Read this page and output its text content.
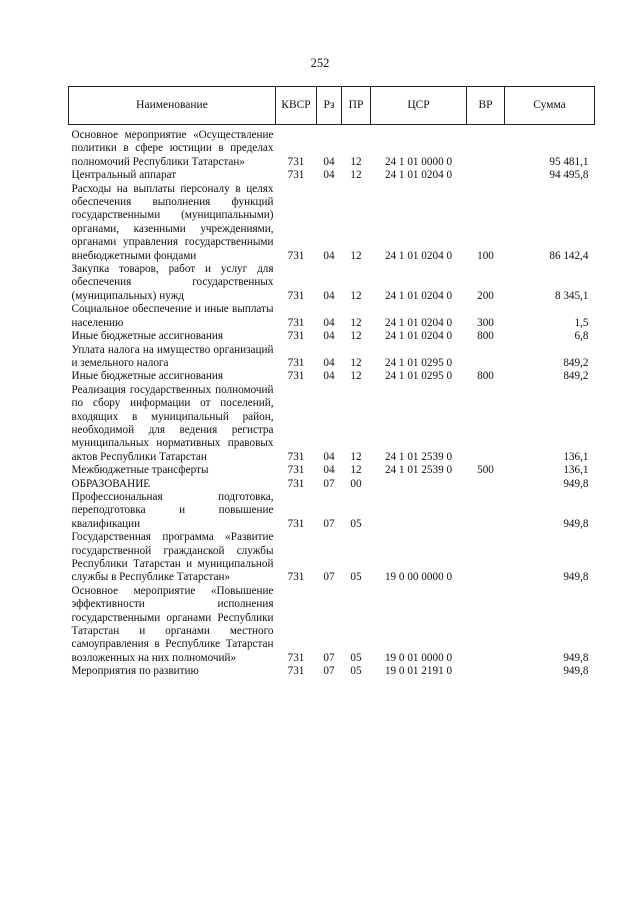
252
Наименование	КВСР	Рз	ПР	ЦСР	ВР	Сумма
Основное мероприятие «Осуществление политики в сфере юстиции в пределах полномочий Республики Татарстан»	731	04	12	24 1 01 0000 0		95 481,1
Центральный аппарат	731	04	12	24 1 01 0204 0		94 495,8
Расходы на выплаты персоналу в целях обеспечения выполнения функций государственными (муниципальными) органами, казенными учреждениями, органами управления государственными внебюджетными фондами	731	04	12	24 1 01 0204 0	100	86 142,4
Закупка товаров, работ и услуг для обеспечения государственных (муниципальных) нужд	731	04	12	24 1 01 0204 0	200	8 345,1
Социальное обеспечение и иные выплаты населению	731	04	12	24 1 01 0204 0	300	1,5
Иные бюджетные ассигнования	731	04	12	24 1 01 0204 0	800	6,8
Уплата налога на имущество организаций и земельного налога	731	04	12	24 1 01 0295 0		849,2
Иные бюджетные ассигнования	731	04	12	24 1 01 0295 0	800	849,2
Реализация государственных полномочий по сбору информации от поселений, входящих в муниципальный район, необходимой для ведения регистра муниципальных нормативных правовых актов Республики Татарстан	731	04	12	24 1 01 2539 0		136,1
Межбюджетные трансферты	731	04	12	24 1 01 2539 0	500	136,1
ОБРАЗОВАНИЕ	731	07	00			949,8
Профессиональная подготовка, переподготовка и повышение квалификации	731	07	05			949,8
Государственная программа «Развитие государственной гражданской службы Республики Татарстан и муниципальной службы в Республике Татарстан»	731	07	05	19 0 00 0000 0		949,8
Основное мероприятие «Повышение эффективности исполнения государственными органами Республики Татарстан и органами местного самоуправления в Республике Татарстан возложенных на них полномочий»	731	07	05	19 0 01 0000 0		949,8
Мероприятия по развитию	731	07	05	19 0 01 2191 0		949,8
